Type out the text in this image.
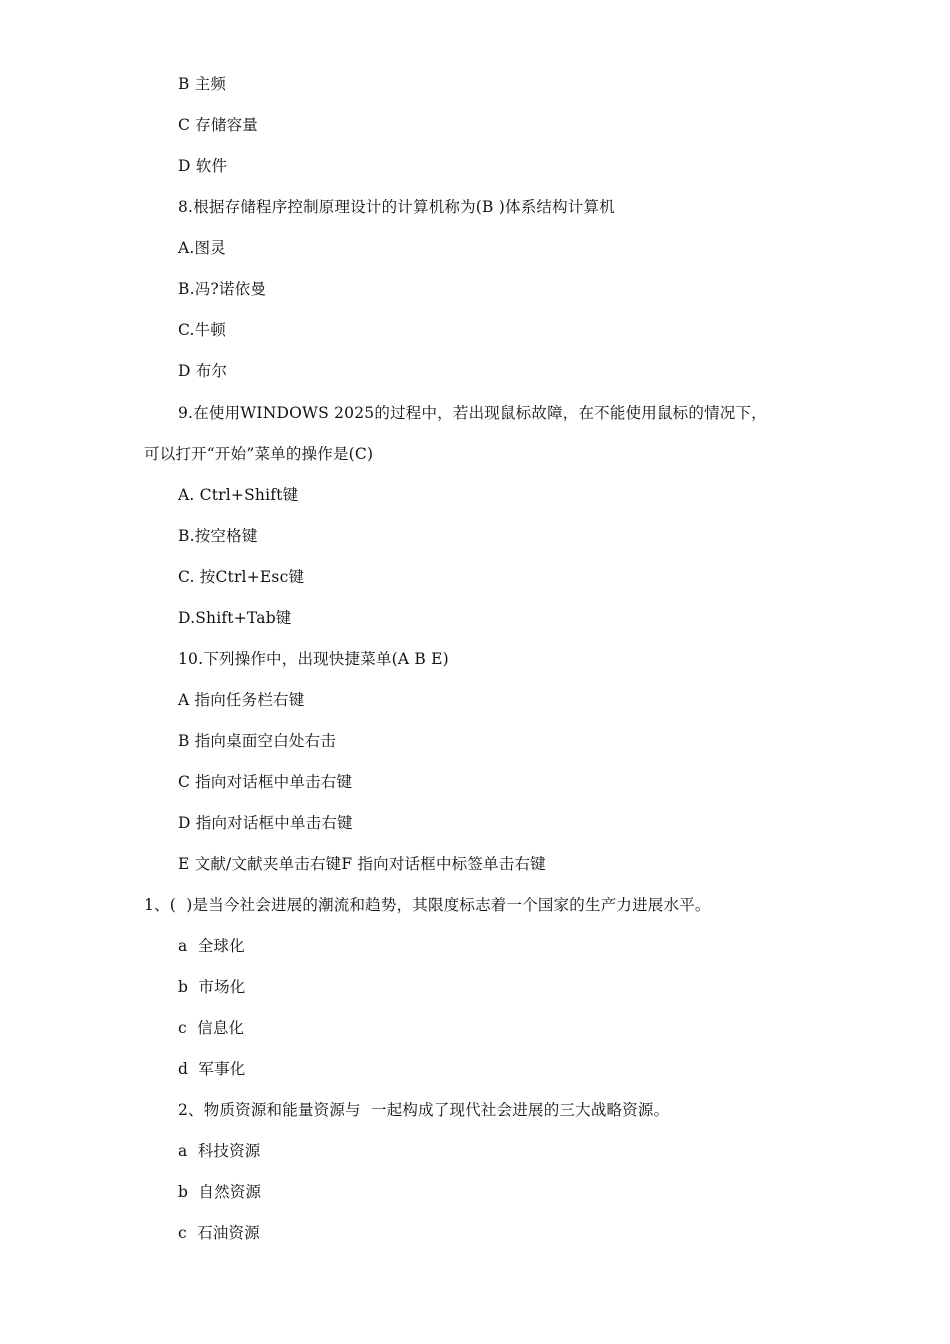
B 主频
C 存储容量
D 软件
8.根据存储程序控制原理设计的计算机称为(B )体系结构计算机
A.图灵
B.冯?诺依曼
C.牛顿
D 布尔
9.在使用WINDOWS 2025的过程中，若出现鼠标故障，在不能使用鼠标的情况下，
可以打开“开始”菜单的操作是(C)
A. Ctrl+Shift键
B.按空格键
C. 按Ctrl+Esc键
D.Shift+Tab键
10.下列操作中，出现快捷菜单(A B E)
A 指向任务栏右键
B 指向桌面空白处右击
C 指向对话框中单击右键
D 指向对话框中单击右键
E 文献/文献夹单击右键F 指向对话框中标签单击右键
1、(  )是当今社会进展的潮流和趋势，其限度标志着一个国家的生产力进展水平。
a  全球化
b  市场化
c  信息化
d  军事化
2、物质资源和能量资源与  一起构成了现代社会进展的三大战略资源。
a  科技资源
b  自然资源
c  石油资源
